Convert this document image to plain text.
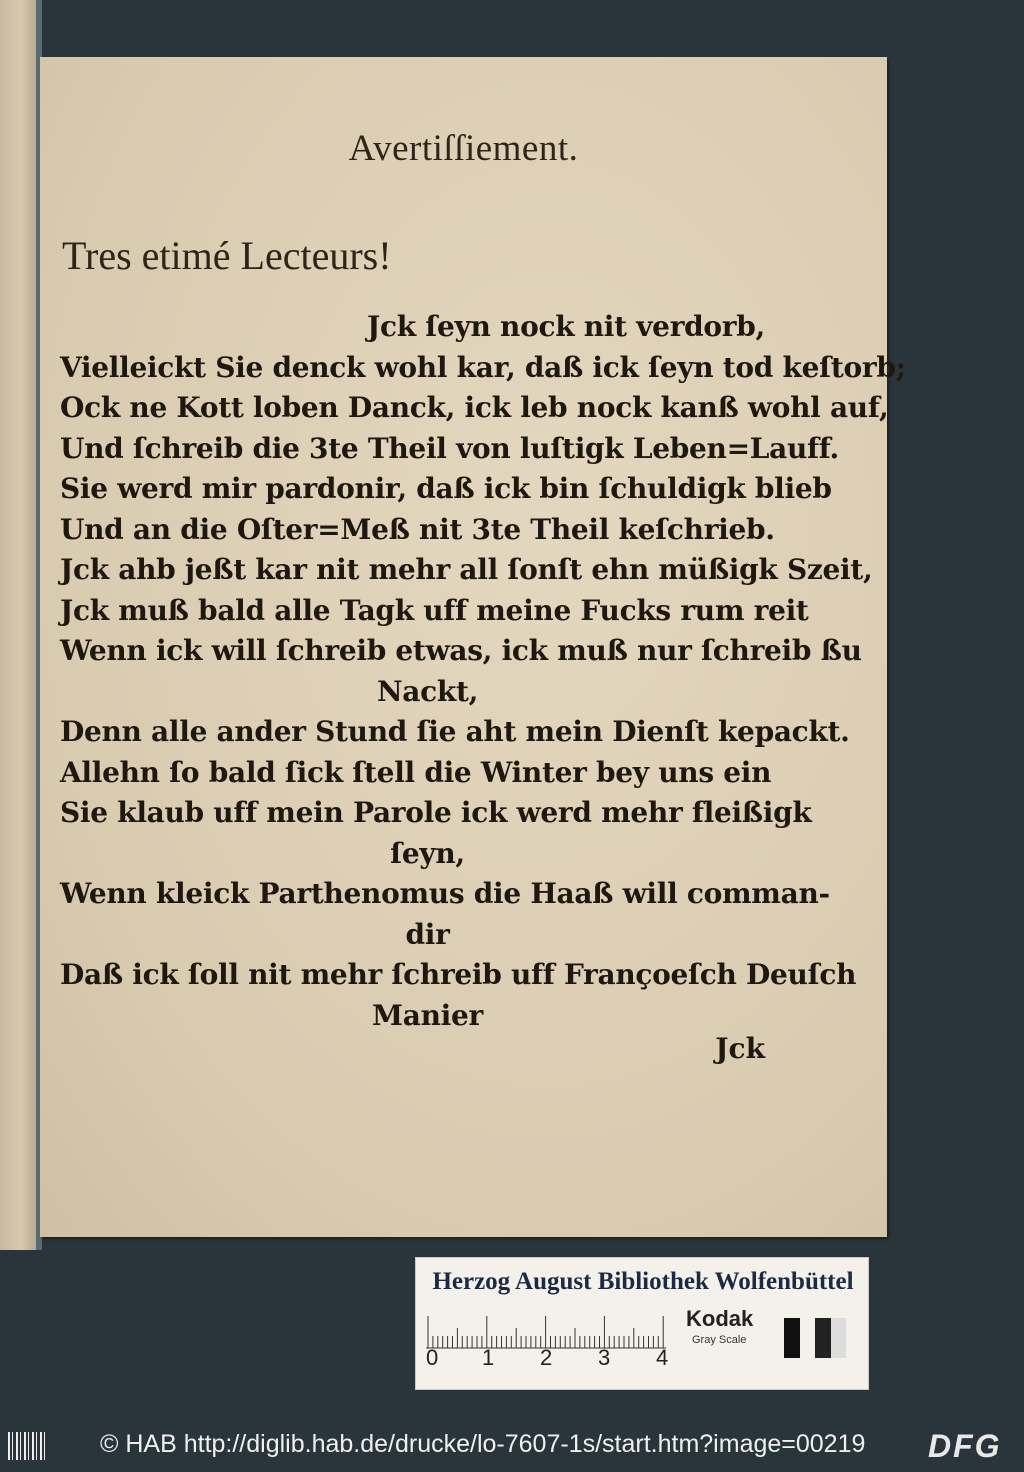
Avertiſſiement.
Tres etimé Lecteurs!
Jck ſeyn nock nit verdorb,
Vielleickt Sie denck wohl kar, daß ick ſeyn tod keſtorb;
Ock ne Kott loben Danck, ick leb nock kanß wohl auf,
Und ſchreib die 3te Theil von luſtigk Leben=Lauff.
Sie werd mir pardonir, daß ick bin ſchuldigk blieb
Und an die Oſter=Meß nit 3te Theil keſchrieb.
Jck ahb jeßt kar nit mehr all ſonſt ehn müßigk Szeit,
Jck muß bald alle Tagk uff meine Fucks rum reit
Wenn ick will ſchreib etwas, ick muß nur ſchreib ßu
Nackt,
Denn alle ander Stund ſie aht mein Dienſt kepackt.
Allehn ſo bald ſick ſtell die Winter bey uns ein
Sie klaub uff mein Parole ick werd mehr fleißigk
ſeyn,
Wenn kleick Parthenomus die Haaß will comman-
dir
Daß ick ſoll nit mehr ſchreib uff Françoeſch Deuſch
Manier
Jck
Herzog August Bibliothek Wolfenbüttel
0 1 2 3 4
Kodak
Gray Scale
© HAB http://diglib.hab.de/drucke/lo-7607-1s/start.htm?image=00219 DFG
